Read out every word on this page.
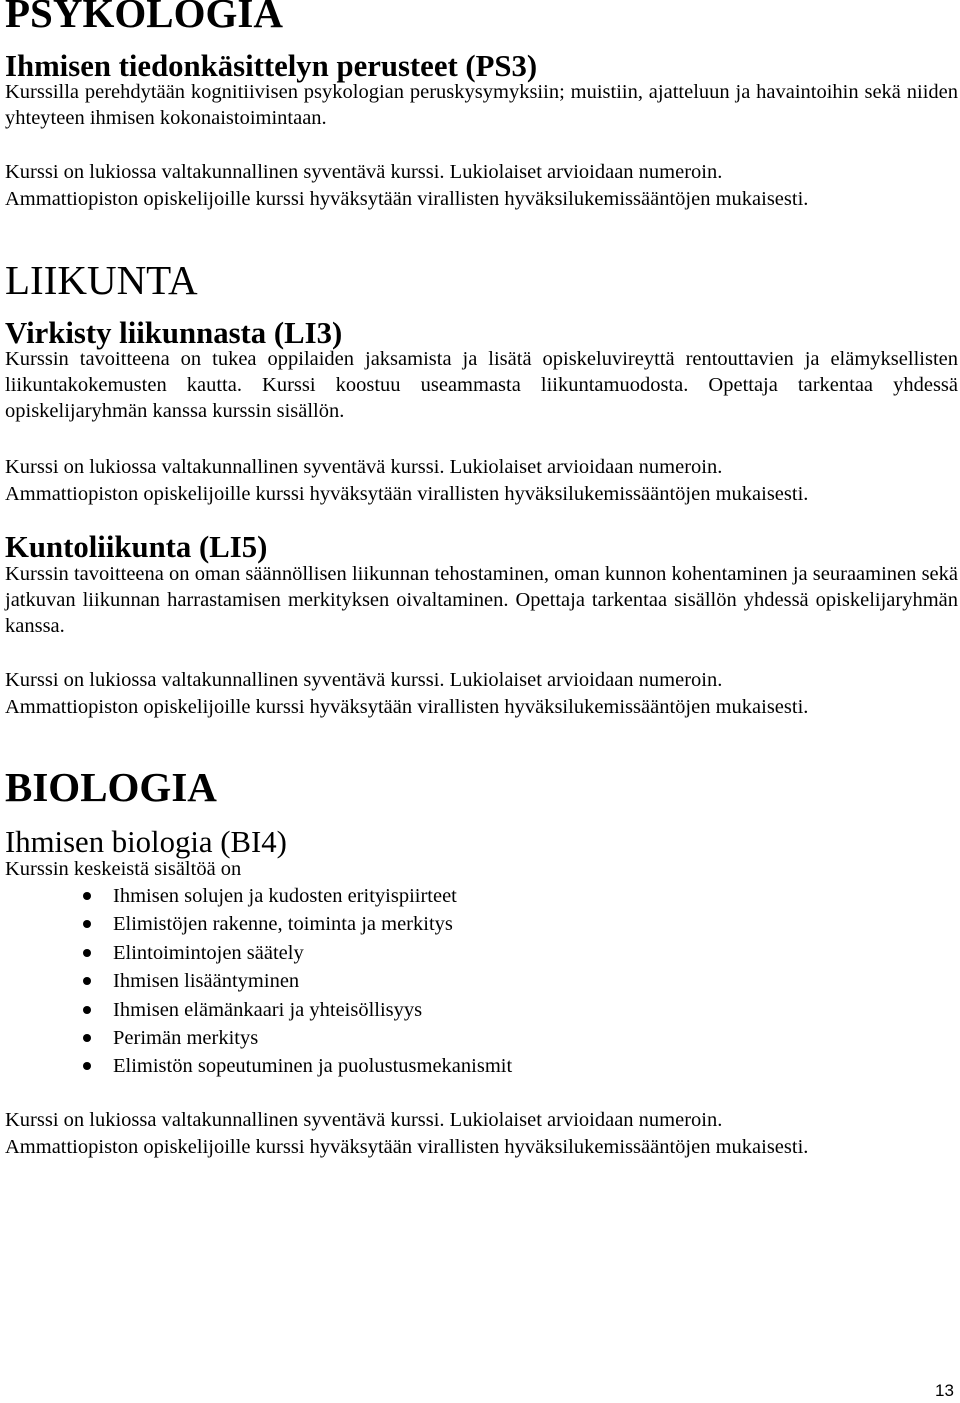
PSYKOLOGIA
Ihmisen tiedonkäsittelyn perusteet (PS3)

Kurssilla perehdytään kognitiivisen psykologian peruskysymyksiin; muistiin, ajatteluun ja havaintoihin sekä niiden yhteyteen ihmisen kokonaistoimintaan.

Kurssi on lukiossa valtakunnallinen syventävä kurssi. Lukiolaiset arvioidaan numeroin.

Ammattiopiston opiskelijoille kurssi hyväksytään virallisten hyväksilukemissääntöjen mukaisesti.

LIIKUNTA
Virkisty liikunnasta (LI3)

Kurssin tavoitteena on tukea oppilaiden jaksamista ja lisätä opiskeluvireyttä rentouttavien ja elämyksellisten liikuntakokemusten kautta. Kurssi koostuu useammasta liikuntamuodosta. Opettaja tarkentaa yhdessä opiskelijaryhmän kanssa kurssin sisällön.

Kurssi on lukiossa valtakunnallinen syventävä kurssi. Lukiolaiset arvioidaan numeroin.

Ammattiopiston opiskelijoille kurssi hyväksytään virallisten hyväksilukemissääntöjen mukaisesti.

Kuntoliikunta (LI5)

Kurssin tavoitteena on oman säännöllisen liikunnan tehostaminen, oman kunnon kohentaminen ja seuraaminen sekä jatkuvan liikunnan harrastamisen merkityksen oivaltaminen. Opettaja tarkentaa sisällön yhdessä opiskelijaryhmän kanssa.

Kurssi on lukiossa valtakunnallinen syventävä kurssi. Lukiolaiset arvioidaan numeroin.

Ammattiopiston opiskelijoille kurssi hyväksytään virallisten hyväksilukemissääntöjen mukaisesti.

BIOLOGIA
Ihmisen biologia (BI4)

Kurssin keskeistä sisältöä on

Ihmisen solujen ja kudosten erityispiirteet
Elimistöjen rakenne, toiminta ja merkitys
Elintoimintojen säätely
Ihmisen lisääntyminen
Ihmisen elämänkaari ja yhteisöllisyys
Perimän merkitys
Elimistön sopeutuminen ja puolustusmekanismit

Kurssi on lukiossa valtakunnallinen syventävä kurssi. Lukiolaiset arvioidaan numeroin.

Ammattiopiston opiskelijoille kurssi hyväksytään virallisten hyväksilukemissääntöjen mukaisesti.

13
